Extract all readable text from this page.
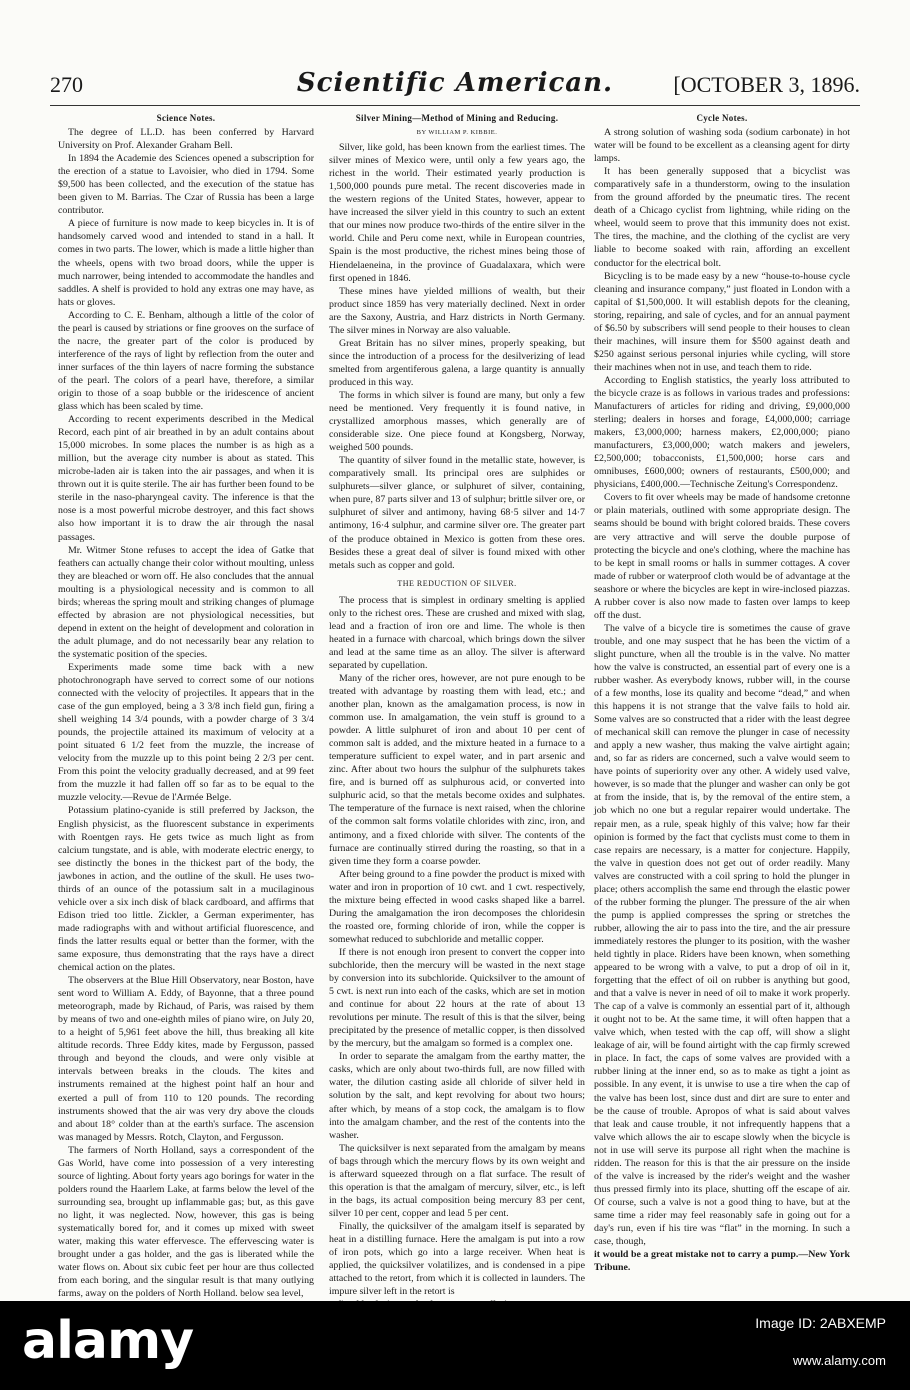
270	Scientific American.	[OCTOBER 3, 1896.
Science Notes.

The degree of LL.D. has been conferred by Harvard University on Prof. Alexander Graham Bell.

In 1894 the Academie des Sciences opened a subscription for the erection of a statue to Lavoisier, who died in 1794. Some $9,500 has been collected, and the execution of the statue has been given to M. Barrias. The Czar of Russia has been a large contributor.

A piece of furniture is now made to keep bicycles in. It is of handsomely carved wood and intended to stand in a hall. It comes in two parts. The lower, which is made a little higher than the wheels, opens with two broad doors, while the upper is much narrower, being intended to accommodate the handles and saddles. A shelf is provided to hold any extras one may have, as hats or gloves.

According to C. E. Benham, although a little of the color of the pearl is caused by striations or fine grooves on the surface of the nacre, the greater part of the color is produced by interference of the rays of light by reflection from the outer and inner surfaces of the thin layers of nacre forming the substance of the pearl. The colors of a pearl have, therefore, a similar origin to those of a soap bubble or the iridescence of ancient glass which has been scaled by time.

According to recent experiments described in the Medical Record, each pint of air breathed in by an adult contains about 15,000 microbes. In some places the number is as high as a million, but the average city number is about as stated. This microbe-laden air is taken into the air passages, and when it is thrown out it is quite sterile. The air has further been found to be sterile in the naso-pharyngeal cavity. The inference is that the nose is a most powerful microbe destroyer, and this fact shows also how important it is to draw the air through the nasal passages.

Mr. Witmer Stone refuses to accept the idea of Gatke that feathers can actually change their color without moulting, unless they are bleached or worn off. He also concludes that the annual moulting is a physiological necessity and is common to all birds; whereas the spring moult and striking changes of plumage effected by abrasion are not physiological necessities, but depend in extent on the height of development and coloration in the adult plumage, and do not necessarily bear any relation to the systematic position of the species.

Experiments made some time back with a new photochronograph have served to correct some of our notions connected with the velocity of projectiles. It appears that in the case of the gun employed, being a 3 3/8 inch field gun, firing a shell weighing 14 3/4 pounds, with a powder charge of 3 3/4 pounds, the projectile attained its maximum of velocity at a point situated 6 1/2 feet from the muzzle, the increase of velocity from the muzzle up to this point being 2 2/3 per cent. From this point the velocity gradually decreased, and at 99 feet from the muzzle it had fallen off so far as to be equal to the muzzle velocity.—Revue de l'Armée Belge.

Potassium platino-cyanide is still preferred by Jackson, the English physicist, as the fluorescent substance in experiments with Roentgen rays. He gets twice as much light as from calcium tungstate, and is able, with moderate electric energy, to see distinctly the bones in the thickest part of the body, the jawbones in action, and the outline of the skull. He uses two-thirds of an ounce of the potassium salt in a mucilaginous vehicle over a six inch disk of black cardboard, and affirms that Edison tried too little. Zickler, a German experimenter, has made radiographs with and without artificial fluorescence, and finds the latter results equal or better than the former, with the same exposure, thus demonstrating that the rays have a direct chemical action on the plates.

The observers at the Blue Hill Observatory, near Boston, have sent word to William A. Eddy, of Bayonne, that a three pound meteorograph, made by Richaud, of Paris, was raised by them by means of two and one-eighth miles of piano wire, on July 20, to a height of 5,961 feet above the hill, thus breaking all kite altitude records. Three Eddy kites, made by Fergusson, passed through and beyond the clouds, and were only visible at intervals between breaks in the clouds. The kites and instruments remained at the highest point half an hour and exerted a pull of from 110 to 120 pounds. The recording instruments showed that the air was very dry above the clouds and about 18° colder than at the earth's surface. The ascension was managed by Messrs. Rotch, Clayton, and Fergusson.

The farmers of North Holland, says a correspondent of the Gas World, have come into possession of a very interesting source of lighting. About forty years ago borings for water in the polders round the Haarlem Lake, at farms below the level of the surrounding sea, brought up inflammable gas; but, as this gave no light, it was neglected. Now, however, this gas is being systematically bored for, and it comes up mixed with sweet water, making this water effervesce. The effervescing water is brought under a gas holder, and the gas is liberated while the water flows on. About six cubic feet per hour are thus collected from each boring, and the singular result is that many outlying farms, away on the polders of North Holland. below sea level,

Silver Mining—Method of Mining and Reducing.
BY WILLIAM P. KIBBIE.

Silver, like gold, has been known from the earliest times. The silver mines of Mexico were, until only a few years ago, the richest in the world. Their estimated yearly production is 1,500,000 pounds pure metal. The recent discoveries made in the western regions of the United States, however, appear to have increased the silver yield in this country to such an extent that our mines now produce two-thirds of the entire silver in the world. Chile and Peru come next, while in European countries, Spain is the most productive, the richest mines being those of Hiendelaeneina, in the province of Guadalaxara, which were first opened in 1846.

These mines have yielded millions of wealth, but their product since 1859 has very materially declined. Next in order are the Saxony, Austria, and Harz districts in North Germany. The silver mines in Norway are also valuable.

Great Britain has no silver mines, properly speaking, but since the introduction of a process for the desilverizing of lead smelted from argentiferous galena, a large quantity is annually produced in this way.

The forms in which silver is found are many, but only a few need be mentioned. Very frequently it is found native, in crystallized amorphous masses, which generally are of considerable size. One piece found at Kongsberg, Norway, weighed 500 pounds.

The quantity of silver found in the metallic state, however, is comparatively small. Its principal ores are sulphides or sulphurets—silver glance, or sulphuret of silver, containing, when pure, 87 parts silver and 13 of sulphur; brittle silver ore, or sulphuret of silver and antimony, having 68·5 silver and 14·7 antimony, 16·4 sulphur, and carmine silver ore. The greater part of the produce obtained in Mexico is gotten from these ores. Besides these a great deal of silver is found mixed with other metals such as copper and gold.

THE REDUCTION OF SILVER.

The process that is simplest in ordinary smelting is applied only to the richest ores. These are crushed and mixed with slag, lead and a fraction of iron ore and lime. The whole is then heated in a furnace with charcoal, which brings down the silver and lead at the same time as an alloy. The silver is afterward separated by cupellation.

Many of the richer ores, however, are not pure enough to be treated with advantage by roasting them with lead, etc.; and another plan, known as the amalgamation process, is now in common use. In amalgamation, the vein stuff is ground to a powder. A little sulphuret of iron and about 10 per cent of common salt is added, and the mixture heated in a furnace to a temperature sufficient to expel water, and in part arsenic and zinc. After about two hours the sulphur of the sulphurets takes fire, and is burned off as sulphurous acid, or converted into sulphuric acid, so that the metals become oxides and sulphates. The temperature of the furnace is next raised, when the chlorine of the common salt forms volatile chlorides with zinc, iron, and antimony, and a fixed chloride with silver. The contents of the furnace are continually stirred during the roasting, so that in a given time they form a coarse powder.

After being ground to a fine powder the product is mixed with water and iron in proportion of 10 cwt. and 1 cwt. respectively, the mixture being effected in wood casks shaped like a barrel. During the amalgamation the iron decomposes the chloridesin the roasted ore, forming chloride of iron, while the copper is somewhat reduced to subchloride and metallic copper.

If there is not enough iron present to convert the copper into subchloride, then the mercury will be wasted in the next stage by conversion into its subchloride. Quicksilver to the amount of 5 cwt. is next run into each of the casks, which are set in motion and continue for about 22 hours at the rate of about 13 revolutions per minute. The result of this is that the silver, being precipitated by the presence of metallic copper, is then dissolved by the mercury, but the amalgam so formed is a complex one.

In order to separate the amalgam from the earthy matter, the casks, which are only about two-thirds full, are now filled with water, the dilution casting aside all chloride of silver held in solution by the salt, and kept revolving for about two hours; after which, by means of a stop cock, the amalgam is to flow into the amalgam chamber, and the rest of the contents into the washer.

The quicksilver is next separated from the amalgam by means of bags through which the mercury flows by its own weight and is afterward squeezed through on a flat surface. The result of this operation is that the amalgam of mercury, silver, etc., is left in the bags, its actual composition being mercury 83 per cent, silver 10 per cent, copper and lead 5 per cent.

Finally, the quicksilver of the amalgam itself is separated by heat in a distilling furnace. Here the amalgam is put into a row of iron pots, which go into a large receiver. When heat is applied, the quicksilver volatilizes, and is condensed in a pipe attached to the retort, from which it is collected in launders. The impure silver left in the retort is

Cycle Notes.

A strong solution of washing soda (sodium carbonate) in hot water will be found to be excellent as a cleansing agent for dirty lamps.

It has been generally supposed that a bicyclist was comparatively safe in a thunderstorm, owing to the insulation from the ground afforded by the pneumatic tires. The recent death of a Chicago cyclist from lightning, while riding on the wheel, would seem to prove that this immunity does not exist. The tires, the machine, and the clothing of the cyclist are very liable to become soaked with rain, affording an excellent conductor for the electrical bolt.

Bicycling is to be made easy by a new “house-to-house cycle cleaning and insurance company,” just floated in London with a capital of $1,500,000. It will establish depots for the cleaning, storing, repairing, and sale of cycles, and for an annual payment of $6.50 by subscribers will send people to their houses to clean their machines, will insure them for $500 against death and $250 against serious personal injuries while cycling, will store their machines when not in use, and teach them to ride.

According to English statistics, the yearly loss attributed to the bicycle craze is as follows in various trades and professions: Manufacturers of articles for riding and driving, £9,000,000 sterling; dealers in horses and forage, £4,000,000; carriage makers, £3,000,000; harness makers, £2,000,000; piano manufacturers, £3,000,000; watch makers and jewelers, £2,500,000; tobacconists, £1,500,000; horse cars and omnibuses, £600,000; owners of restaurants, £500,000; and physicians, £400,000.—Technische Zeitung's Correspondenz.

Covers to fit over wheels may be made of handsome cretonne or plain materials, outlined with some appropriate design. The seams should be bound with bright colored braids. These covers are very attractive and will serve the double purpose of protecting the bicycle and one's clothing, where the machine has to be kept in small rooms or halls in summer cottages. A cover made of rubber or waterproof cloth would be of advantage at the seashore or where the bicycles are kept in wire-inclosed piazzas. A rubber cover is also now made to fasten over lamps to keep off the dust.

The valve of a bicycle tire is sometimes the cause of grave trouble, and one may suspect that he has been the victim of a slight puncture, when all the trouble is in the valve. No matter how the valve is constructed, an essential part of every one is a rubber washer. As everybody knows, rubber will, in the course of a few months, lose its quality and become “dead,” and when this happens it is not strange that the valve fails to hold air. Some valves are so constructed that a rider with the least degree of mechanical skill can remove the plunger in case of necessity and apply a new washer, thus making the valve airtight again; and, so far as riders are concerned, such a valve would seem to have points of superiority over any other. A widely used valve, however, is so made that the plunger and washer can only be got at from the inside, that is, by the removal of the entire stem, a job which no one but a regular repairer would undertake. The repair men, as a rule, speak highly of this valve; how far their opinion is formed by the fact that cyclists must come to them in case repairs are necessary, is a matter for conjecture. Happily, the valve in question does not get out of order readily. Many valves are constructed with a coil spring to hold the plunger in place; others accomplish the same end through the elastic power of the rubber forming the plunger. The pressure of the air when the pump is applied compresses the spring or stretches the rubber, allowing the air to pass into the tire, and the air pressure immediately restores the plunger to its position, with the washer held tightly in place. Riders have been known, when something appeared to be wrong with a valve, to put a drop of oil in it, forgetting that the effect of oil on rubber is anything but good, and that a valve is never in need of oil to make it work properly. The cap of a valve is commonly an essential part of it, although it ought not to be. At the same time, it will often happen that a valve which, when tested with the cap off, will show a slight leakage of air, will be found airtight with the cap firmly screwed in place. In fact, the caps of some valves are provided with a rubber lining at the inner end, so as to make as tight a joint as possible. In any event, it is unwise to use a tire when the cap of the valve has been lost, since dust and dirt are sure to enter and be the cause of trouble. Apropos of what is said about valves that leak and cause trouble, it not infrequently happens that a valve which allows the air to escape slowly when the bicycle is not in use will serve its purpose all right when the machine is ridden. The reason for this is that the air pressure on the inside of the valve is increased by the rider's weight and the washer thus pressed firmly into its place, shutting off the escape of air. Of course, such a valve is not a good thing to have, but at the same time a rider may feel reasonably safe in going out for a day's run, even if his tire was “flat” in the morning. In such a case, though,

it would be a great mistake not to carry a pump.—New York Tribune.

alamy	Image ID: 2ABXEMP
www.alamy.com
